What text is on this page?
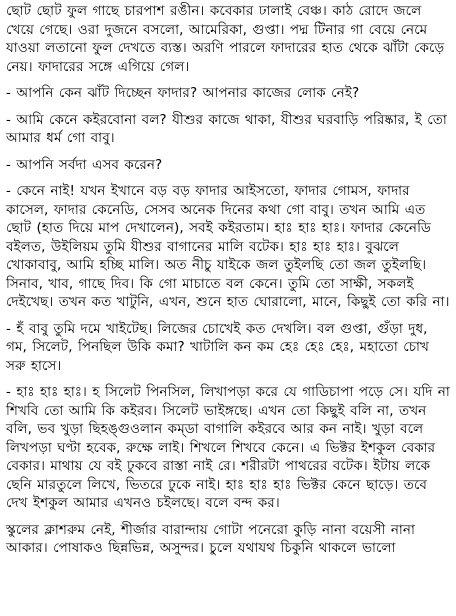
ছোট ছোট ফুল গাছে চারপাশ রঙীন। কবেকার ঢালাই বেঞ্চ। কাঠ রোদে জলে খেয়ে গেছে। ওরা দুজনে বসলো, আমেরিকা, গুপ্তা। পদ্ম টিনার গা বেয়ে নেমে যাওয়া লতানো ফুল দেখতে ব্যস্ত। অরণি পারলে ফাদারের হাত থেকে ঝাঁটা কেড়ে নেয়। ফাদারের সঙ্গে এগিয়ে গেল।

- আপনি কেন ঝাঁট দিচ্ছেন ফাদার? আপনার কাজের লোক নেই?

- আমি কেনে কইরবোনা বল? যীশুর কাজে থাকা, যীশুর ঘরবাড়ি পরিষ্কার, ই তো আমার ধর্ম গো বাবু।

- আপনি সর্বদা এসব করেন?

- কেনে নাই! যখন ইখানে বড় বড় ফাদার আইসতো, ফাদার গোমস, ফাদার কাসেল, ফাদার কেনেডি, সেসব অনেক দিনের কথা গো বাবু। তখন আমি এত ছোট (হাত দিয়ে মাপ দেখালেন), সবই কইরতাম। হাঃ হাঃ হাঃ। ফাদার কেনেডি বইলত, উইলিয়ম তুমি যীশুর বাগানের মালি বটেক। হাঃ হাঃ হাঃ। বুঝলে খোকাবাবু, আমি হচ্ছি মালি। অত নীচু যাইকে জল তুইলছি তো জল তুইলছি। সিনাব, খাব, গাছে দিব। কি গো মাচাতে বল কেনে। তুমি তো সাক্ষী, সকলই দেইখেছ। তখন কত খাটুনি, এখন, শুনে হাত ঘোরালো, মানে, কিছুই তো করি না।

- হঁ বাবু তুমি দমে খাইটেছ। লিজের চোখেই কত দেখলি। বল গুপ্তা, গুঁড়া দুধ, গম, সিলেট, পিনছিল উকি কমা? খাটালি কন কম হেঃ হেঃ হেঃ, মহাতো চোখ সরু হাসে।

- হাঃ হাঃ হাঃ। হ সিলেট পিনসিল, লিখাপড়া করে যে গাডিচাপা পড়ে সে। যদি না শিখবি তো আমি কি কইরব। সিলেট ভাইঙ্গছে। এখন তো কিছুই বলি না, তখন বলি, ভব খুড়া ছিহঙ্গুওলান কম্ডা বাগালি কইরবে আর কন নাই। খুড়া বলে লিখপড়া ঘণ্টা হবেক, রুক্ষে লাই। শিখলে শিখবে কেনে। এ ভিক্টর ইশকুল বেকার বেকার। মাথায় যে বই ঢুকবে রাস্তা নাই রে। শরীরটা পাথরের বটেক। ইটায় লকে ছেনি মারতুলে লিখে, ভিতরে ঢুকে নাই। হাঃ হাঃ হাঃ ভিক্টর কেনে ছাড়ে। তবে দেখ ইশকুল আমার এখনও চইলছে। বলে বন্দ কর।

স্কুলের ক্লাশরুম নেই, শীর্জার বারান্দায় গোটা পনেরো কুড়ি নানা বয়েসী নানা আকার। পোষাকও ছিন্নভিন্ন, অসুন্দর। চুলে যথাযথ চিকুনি থাকলে ভালো
